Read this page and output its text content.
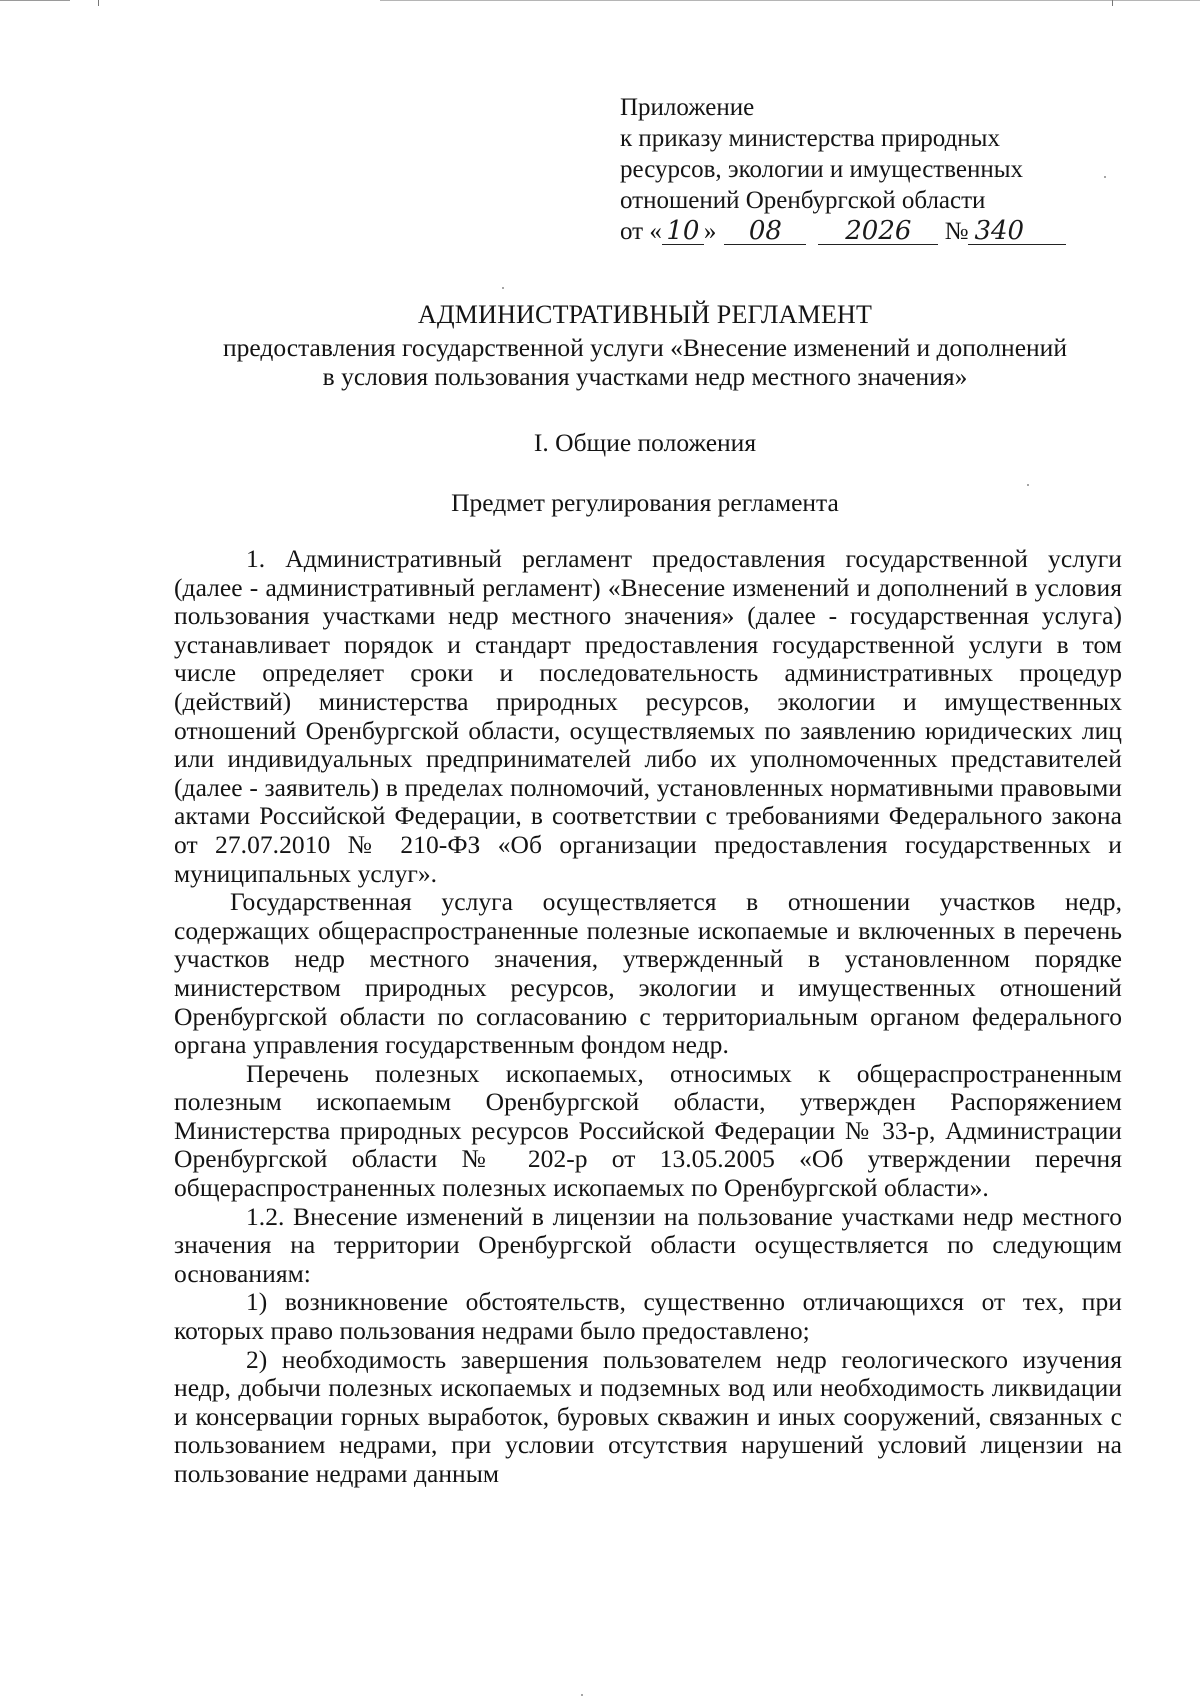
Приложение
к приказу министерства природных
ресурсов, экологии и имущественных
отношений Оренбургской области
от « 10 » 08 2026 № 340
АДМИНИСТРАТИВНЫЙ РЕГЛАМЕНТ
предоставления государственной услуги «Внесение изменений и дополнений
в условия пользования участками недр местного значения»
I. Общие положения
Предмет регулирования регламента

1. Административный регламент предоставления государственной услуги (далее - административный регламент) «Внесение изменений и дополнений в условия пользования участками недр местного значения» (далее - государственная услуга) устанавливает порядок и стандарт предоставления государственной услуги в том числе определяет сроки и последовательность административных процедур (действий) министерства природных ресурсов, экологии и имущественных отношений Оренбургской области, осуществляемых по заявлению юридических лиц или индивидуальных предпринимателей либо их уполномоченных представителей (далее - заявитель) в пределах полномочий, установленных нормативными правовыми актами Российской Федерации, в соответствии с требованиями Федерального закона от 27.07.2010 № 210-ФЗ «Об организации предоставления государственных и муниципальных услуг».

Государственная услуга осуществляется в отношении участков недр, содержащих общераспространенные полезные ископаемые и включенных в перечень участков недр местного значения, утвержденный в установленном порядке министерством природных ресурсов, экологии и имущественных отношений Оренбургской области по согласованию с территориальным органом федерального органа управления государственным фондом недр.

Перечень полезных ископаемых, относимых к общераспространенным полезным ископаемым Оренбургской области, утвержден Распоряжением Министерства природных ресурсов Российской Федерации № 33-р, Администрации Оренбургской области № 202-р от 13.05.2005 «Об утверждении перечня общераспространенных полезных ископаемых по Оренбургской области».

1.2. Внесение изменений в лицензии на пользование участками недр местного значения на территории Оренбургской области осуществляется по следующим основаниям:

1) возникновение обстоятельств, существенно отличающихся от тех, при которых право пользования недрами было предоставлено;

2) необходимость завершения пользователем недр геологического изучения недр, добычи полезных ископаемых и подземных вод или необходимость ликвидации и консервации горных выработок, буровых скважин и иных сооружений, связанных с пользованием недрами, при условии отсутствия нарушений условий лицензии на пользование недрами данным
